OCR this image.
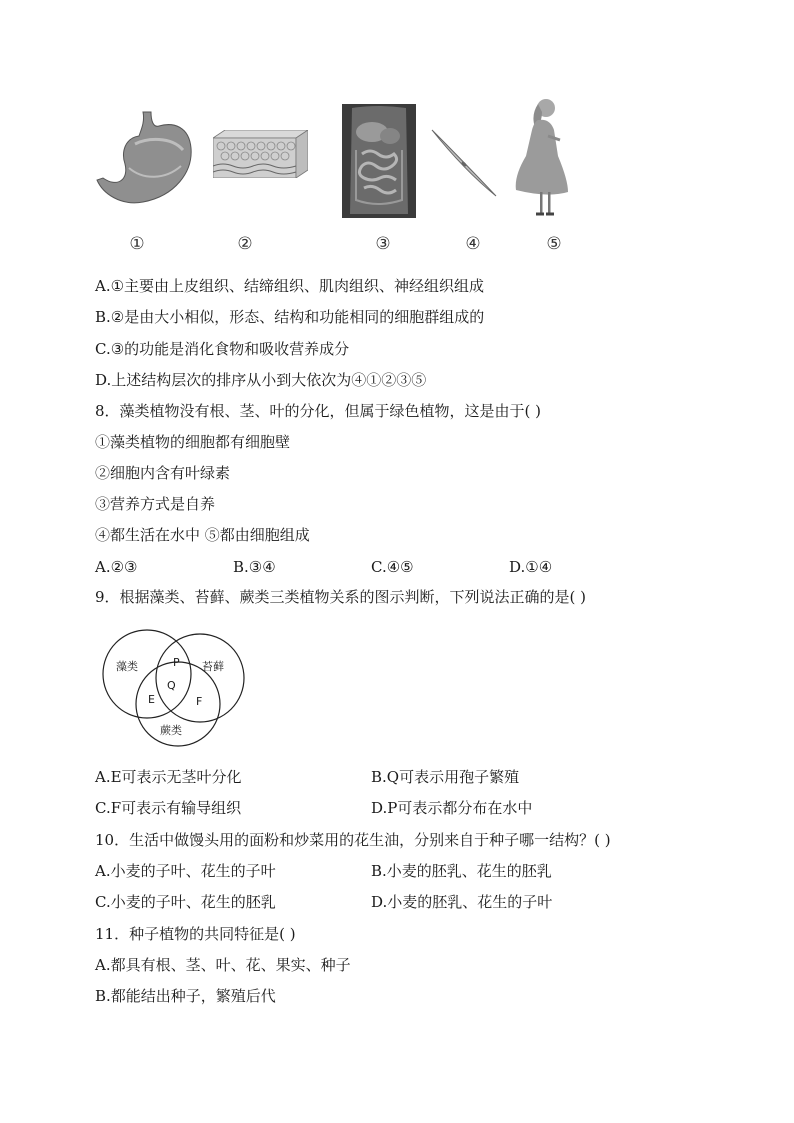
①	②	③	④	⑤
A.①主要由上皮组织、结缔组织、肌肉组织、神经组织组成
B.②是由大小相似，形态、结构和功能相同的细胞群组成的
C.③的功能是消化食物和吸收营养成分
D.上述结构层次的排序从小到大依次为④①②③⑤
8．藻类植物没有根、茎、叶的分化，但属于绿色植物，这是由于( )
①藻类植物的细胞都有细胞壁
②细胞内含有叶绿素
③营养方式是自养
④都生活在水中 ⑤都由细胞组成
A.②③	B.③④	C.④⑤	D.①④
9．根据藻类、苔藓、蕨类三类植物关系的图示判断，下列说法正确的是( )
藻类	苔藓
蕨类
P
Q
E	F
A.E可表示无茎叶分化	B.Q可表示用孢子繁殖
C.F可表示有输导组织	D.P可表示都分布在水中
10．生活中做馒头用的面粉和炒菜用的花生油，分别来自于种子哪一结构？( )
A.小麦的子叶、花生的子叶	B.小麦的胚乳、花生的胚乳
C.小麦的子叶、花生的胚乳	D.小麦的胚乳、花生的子叶
11．种子植物的共同特征是( )
A.都具有根、茎、叶、花、果实、种子
B.都能结出种子，繁殖后代
